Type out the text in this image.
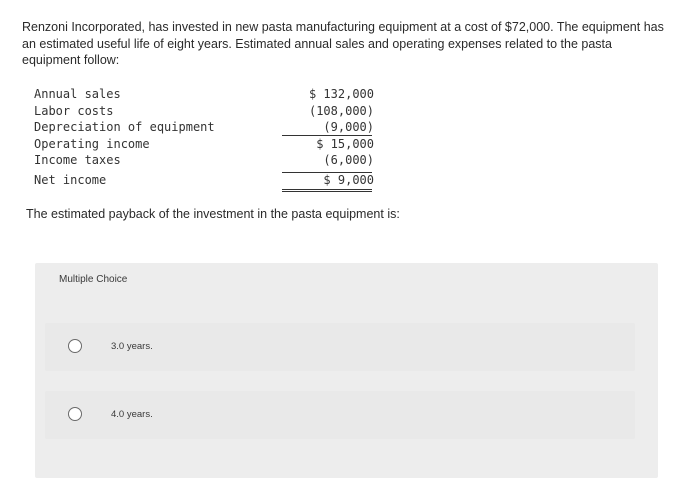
Renzoni Incorporated, has invested in new pasta manufacturing equipment at a cost of $72,000. The equipment has an estimated useful life of eight years. Estimated annual sales and operating expenses related to the pasta equipment follow:
Annual sales	$ 132,000
Labor costs	(108,000)
Depreciation of equipment	(9,000)
Operating income	$ 15,000
Income taxes	(6,000)
Net income	$ 9,000
The estimated payback of the investment in the pasta equipment is:
Multiple Choice
3.0 years.
4.0 years.
